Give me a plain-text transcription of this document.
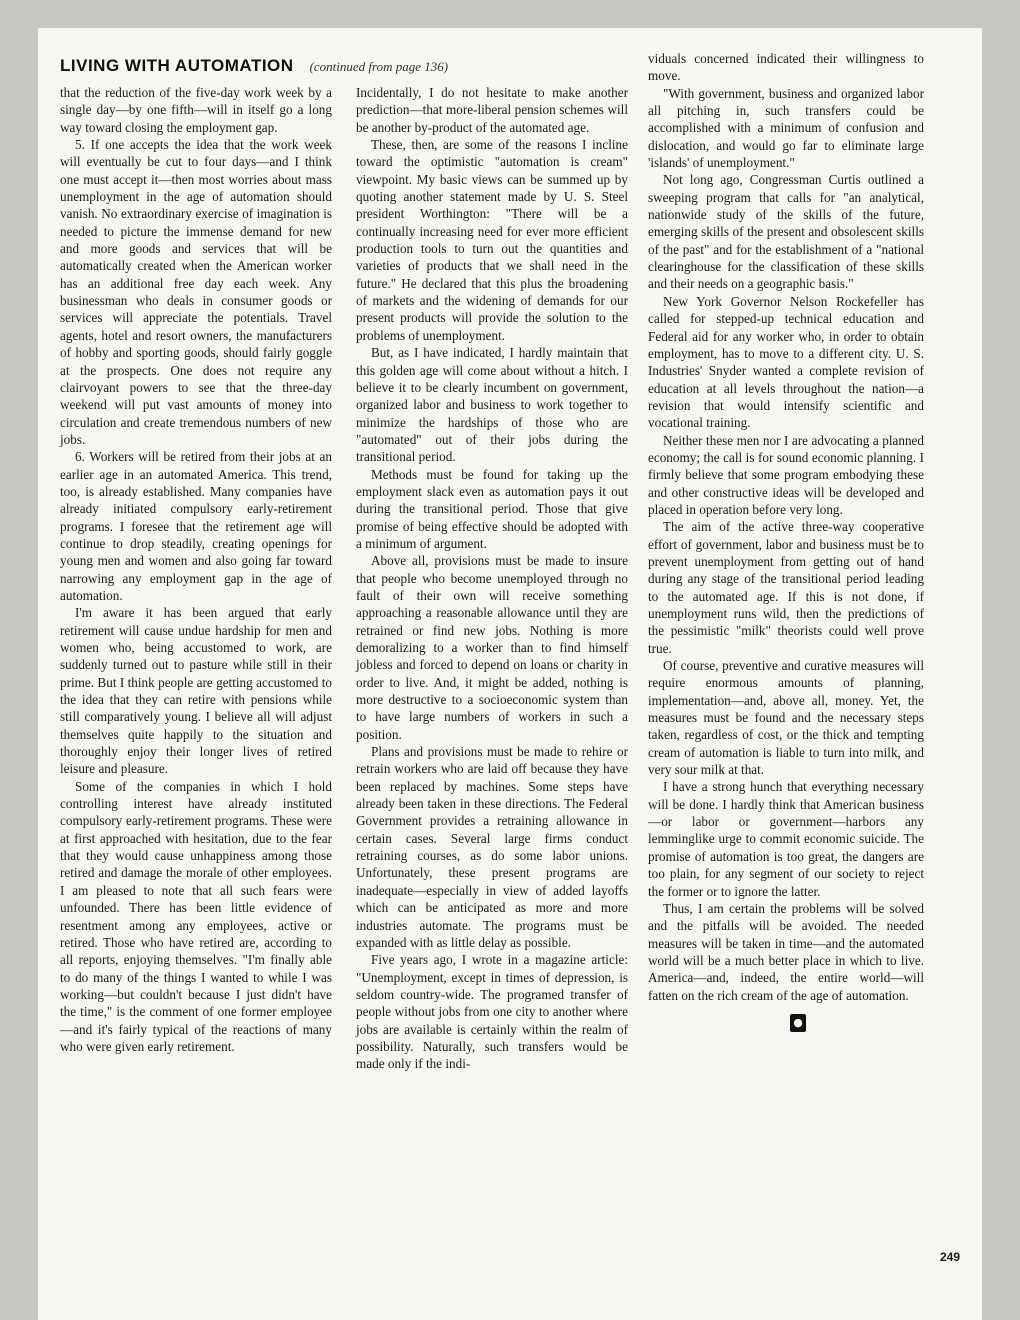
LIVING WITH AUTOMATION (continued from page 136)

that the reduction of the five-day work week by a single day—by one fifth—will in itself go a long way toward closing the employment gap.

5. If one accepts the idea that the work week will eventually be cut to four days—and I think one must accept it—then most worries about mass unemployment in the age of automation should vanish. No extraordinary exercise of imagination is needed to picture the immense demand for new and more goods and services that will be automatically created when the American worker has an additional free day each week. Any businessman who deals in consumer goods or services will appreciate the potentials. Travel agents, hotel and resort owners, the manufacturers of hobby and sporting goods, should fairly goggle at the prospects. One does not require any clairvoyant powers to see that the three-day weekend will put vast amounts of money into circulation and create tremendous numbers of new jobs.

6. Workers will be retired from their jobs at an earlier age in an automated America. This trend, too, is already established. Many companies have already initiated compulsory early-retirement programs. I foresee that the retirement age will continue to drop steadily, creating openings for young men and women and also going far toward narrowing any employment gap in the age of automation.

I'm aware it has been argued that early retirement will cause undue hardship for men and women who, being accustomed to work, are suddenly turned out to pasture while still in their prime. But I think people are getting accustomed to the idea that they can retire with pensions while still comparatively young. I believe all will adjust themselves quite happily to the situation and thoroughly enjoy their longer lives of retired leisure and pleasure.

Some of the companies in which I hold controlling interest have already instituted compulsory early-retirement programs. These were at first approached with hesitation, due to the fear that they would cause unhappiness among those retired and damage the morale of other employees. I am pleased to note that all such fears were unfounded. There has been little evidence of resentment among any employees, active or retired. Those who have retired are, according to all reports, enjoying themselves. "I'm finally able to do many of the things I wanted to while I was working—but couldn't because I just didn't have the time," is the comment of one former employee—and it's fairly typical of the reactions of many who were given early retirement.

Incidentally, I do not hesitate to make another prediction—that more-liberal pension schemes will be another by-product of the automated age.

These, then, are some of the reasons I incline toward the optimistic "automation is cream" viewpoint. My basic views can be summed up by quoting another statement made by U. S. Steel president Worthington: "There will be a continually increasing need for ever more efficient production tools to turn out the quantities and varieties of products that we shall need in the future." He declared that this plus the broadening of markets and the widening of demands for our present products will provide the solution to the problems of unemployment.

But, as I have indicated, I hardly maintain that this golden age will come about without a hitch. I believe it to be clearly incumbent on government, organized labor and business to work together to minimize the hardships of those who are "automated" out of their jobs during the transitional period.

Methods must be found for taking up the employment slack even as automation pays it out during the transitional period. Those that give promise of being effective should be adopted with a minimum of argument.

Above all, provisions must be made to insure that people who become unemployed through no fault of their own will receive something approaching a reasonable allowance until they are retrained or find new jobs. Nothing is more demoralizing to a worker than to find himself jobless and forced to depend on loans or charity in order to live. And, it might be added, nothing is more destructive to a socioeconomic system than to have large numbers of workers in such a position.

Plans and provisions must be made to rehire or retrain workers who are laid off because they have been replaced by machines. Some steps have already been taken in these directions. The Federal Government provides a retraining allowance in certain cases. Several large firms conduct retraining courses, as do some labor unions. Unfortunately, these present programs are inadequate—especially in view of added layoffs which can be anticipated as more and more industries automate. The programs must be expanded with as little delay as possible.

Five years ago, I wrote in a magazine article: "Unemployment, except in times of depression, is seldom country-wide. The programed transfer of people without jobs from one city to another where jobs are available is certainly within the realm of possibility. Naturally, such transfers would be made only if the indi-

viduals concerned indicated their willingness to move.

"With government, business and organized labor all pitching in, such transfers could be accomplished with a minimum of confusion and dislocation, and would go far to eliminate large 'islands' of unemployment."

Not long ago, Congressman Curtis outlined a sweeping program that calls for "an analytical, nationwide study of the skills of the future, emerging skills of the present and obsolescent skills of the past" and for the establishment of a "national clearinghouse for the classification of these skills and their needs on a geographic basis."

New York Governor Nelson Rockefeller has called for stepped-up technical education and Federal aid for any worker who, in order to obtain employment, has to move to a different city. U. S. Industries' Snyder wanted a complete revision of education at all levels throughout the nation—a revision that would intensify scientific and vocational training.

Neither these men nor I are advocating a planned economy; the call is for sound economic planning. I firmly believe that some program embodying these and other constructive ideas will be developed and placed in operation before very long.

The aim of the active three-way cooperative effort of government, labor and business must be to prevent unemployment from getting out of hand during any stage of the transitional period leading to the automated age. If this is not done, if unemployment runs wild, then the predictions of the pessimistic "milk" theorists could well prove true.

Of course, preventive and curative measures will require enormous amounts of planning, implementation—and, above all, money. Yet, the measures must be found and the necessary steps taken, regardless of cost, or the thick and tempting cream of automation is liable to turn into milk, and very sour milk at that.

I have a strong hunch that everything necessary will be done. I hardly think that American business—or labor or government—harbors any lemminglike urge to commit economic suicide. The promise of automation is too great, the dangers are too plain, for any segment of our society to reject the former or to ignore the latter.

Thus, I am certain the problems will be solved and the pitfalls will be avoided. The needed measures will be taken in time—and the automated world will be a much better place in which to live. America—and, indeed, the entire world—will fatten on the rich cream of the age of automation.

●
249
